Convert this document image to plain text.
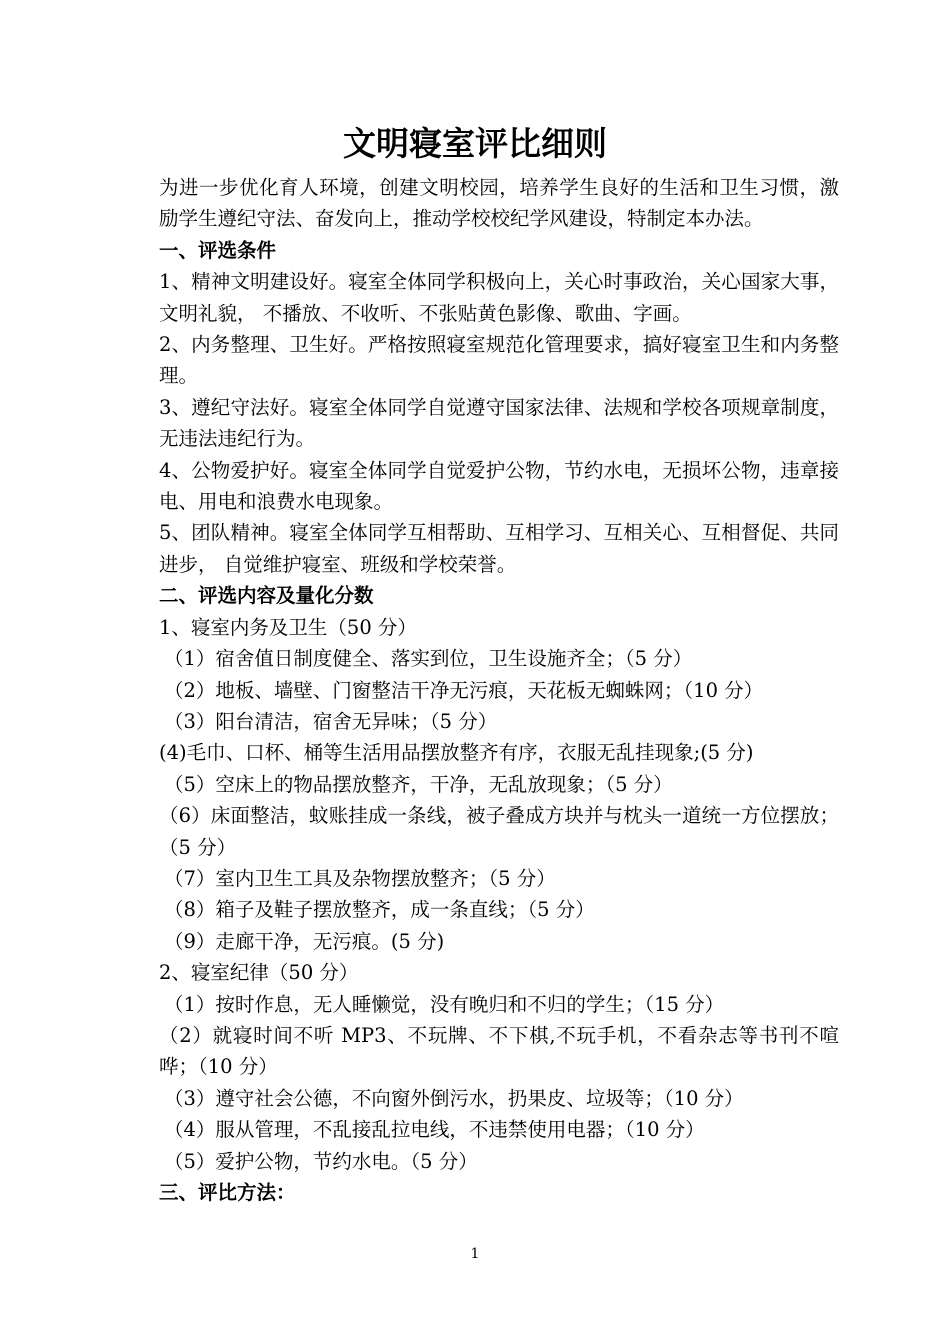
文明寝室评比细则

为进一步优化育人环境，创建文明校园，培养学生良好的生活和卫生习惯，激励学生遵纪守法、奋发向上，推动学校校纪学风建设，特制定本办法。

一、评选条件

1、精神文明建设好。寝室全体同学积极向上，关心时事政治，关心国家大事， 文明礼貌， 不播放、不收听、不张贴黄色影像、歌曲、字画。

2、内务整理、卫生好。严格按照寝室规范化管理要求，搞好寝室卫生和内务整理。

3、遵纪守法好。寝室全体同学自觉遵守国家法律、法规和学校各项规章制度，无违法违纪行为。

4、公物爱护好。寝室全体同学自觉爱护公物，节约水电，无损坏公物，违章接电、用电和浪费水电现象。

5、团队精神。寝室全体同学互相帮助、互相学习、互相关心、互相督促、共同进步， 自觉维护寝室、班级和学校荣誉。

二、评选内容及量化分数

1、寝室内务及卫生（50 分）

（1）宿舍值日制度健全、落实到位，卫生设施齐全；（5 分）

（2）地板、墙壁、门窗整洁干净无污痕，天花板无蜘蛛网；（10 分）

（3）阳台清洁，宿舍无异味；（5 分）

(4)毛巾、口杯、桶等生活用品摆放整齐有序，衣服无乱挂现象;(5 分)

（5）空床上的物品摆放整齐，干净，无乱放现象；（5 分）

（6）床面整洁，蚊账挂成一条线，被子叠成方块并与枕头一道统一方位摆放；（5 分）

（7）室内卫生工具及杂物摆放整齐；（5 分）

（8）箱子及鞋子摆放整齐，成一条直线；（5 分）

（9）走廊干净，无污痕。(5 分)

2、寝室纪律（50 分）

（1）按时作息，无人睡懒觉，没有晚归和不归的学生；（15 分）

（2）就寝时间不听 MP3、不玩牌、不下棋,不玩手机，不看杂志等书刊不喧哗；（10 分）

（3）遵守社会公德，不向窗外倒污水，扔果皮、垃圾等；（10 分）

（4）服从管理，不乱接乱拉电线，不违禁使用电器；（10 分）

（5）爱护公物，节约水电。（5 分）

三、评比方法：

1
